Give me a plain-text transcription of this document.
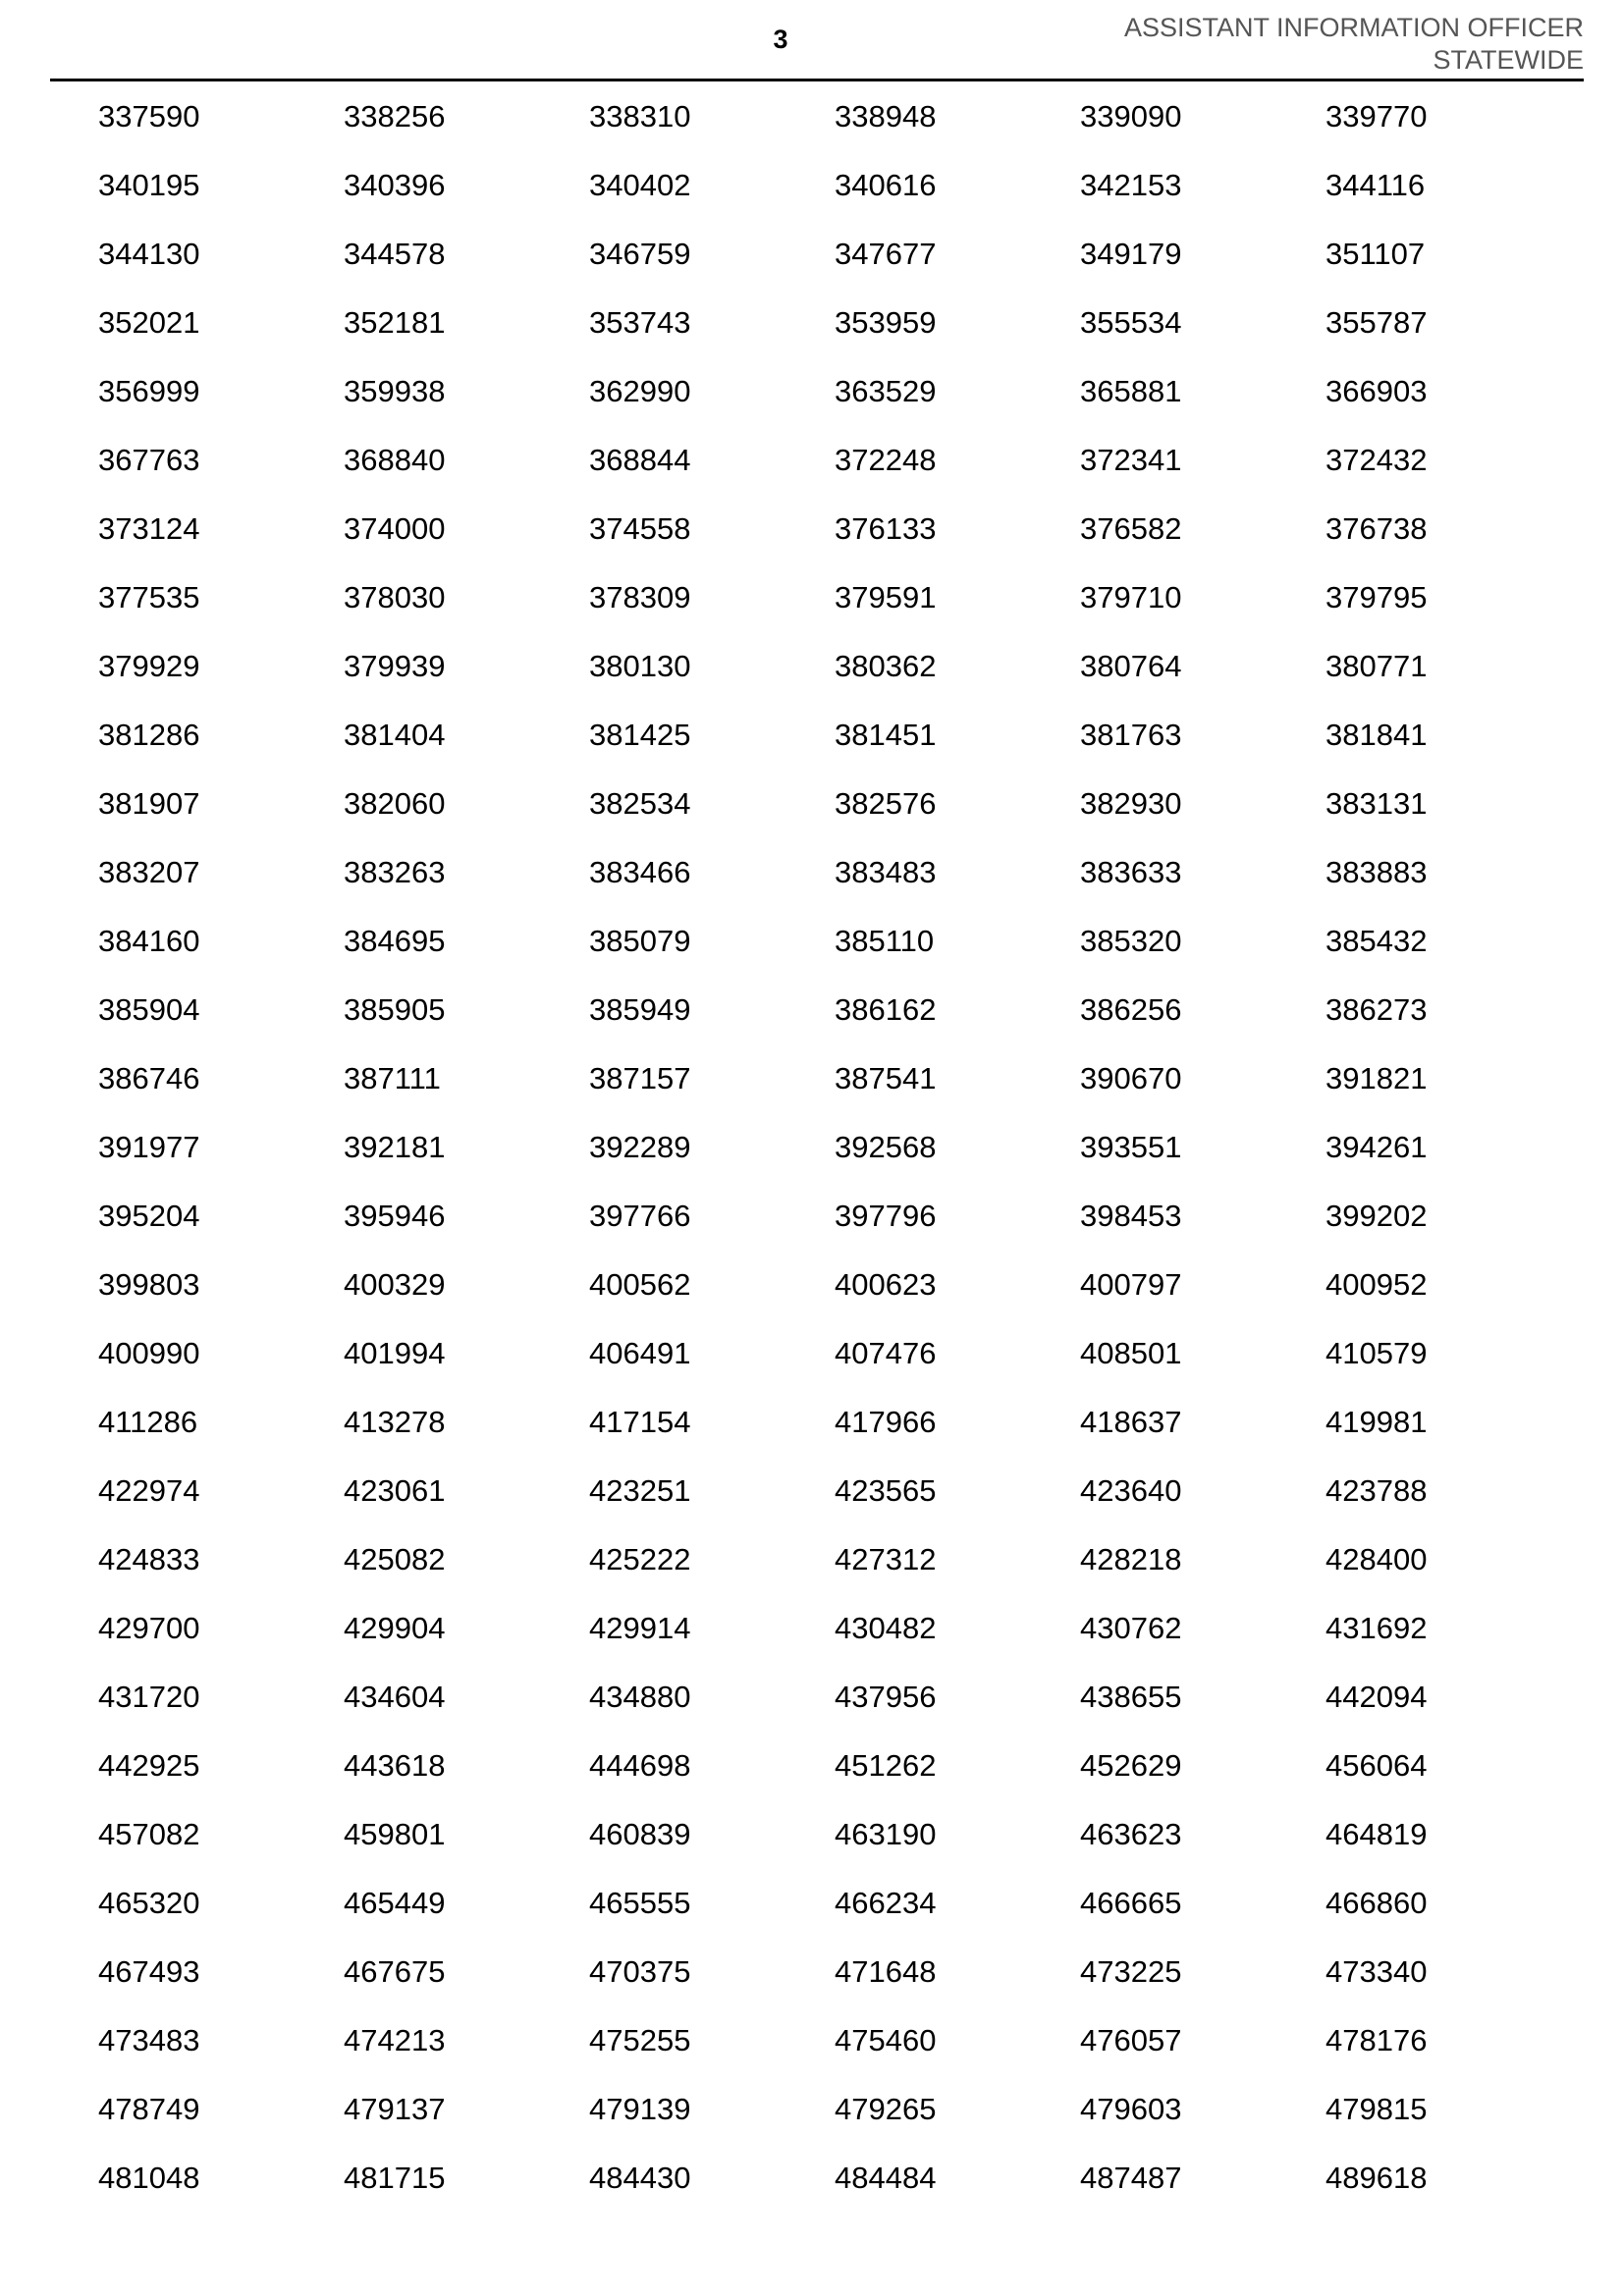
3	ASSISTANT INFORMATION OFFICER
STATEWIDE
337590	338256	338310	338948	339090	339770
340195	340396	340402	340616	342153	344116
344130	344578	346759	347677	349179	351107
352021	352181	353743	353959	355534	355787
356999	359938	362990	363529	365881	366903
367763	368840	368844	372248	372341	372432
373124	374000	374558	376133	376582	376738
377535	378030	378309	379591	379710	379795
379929	379939	380130	380362	380764	380771
381286	381404	381425	381451	381763	381841
381907	382060	382534	382576	382930	383131
383207	383263	383466	383483	383633	383883
384160	384695	385079	385110	385320	385432
385904	385905	385949	386162	386256	386273
386746	387111	387157	387541	390670	391821
391977	392181	392289	392568	393551	394261
395204	395946	397766	397796	398453	399202
399803	400329	400562	400623	400797	400952
400990	401994	406491	407476	408501	410579
411286	413278	417154	417966	418637	419981
422974	423061	423251	423565	423640	423788
424833	425082	425222	427312	428218	428400
429700	429904	429914	430482	430762	431692
431720	434604	434880	437956	438655	442094
442925	443618	444698	451262	452629	456064
457082	459801	460839	463190	463623	464819
465320	465449	465555	466234	466665	466860
467493	467675	470375	471648	473225	473340
473483	474213	475255	475460	476057	478176
478749	479137	479139	479265	479603	479815
481048	481715	484430	484484	487487	489618
